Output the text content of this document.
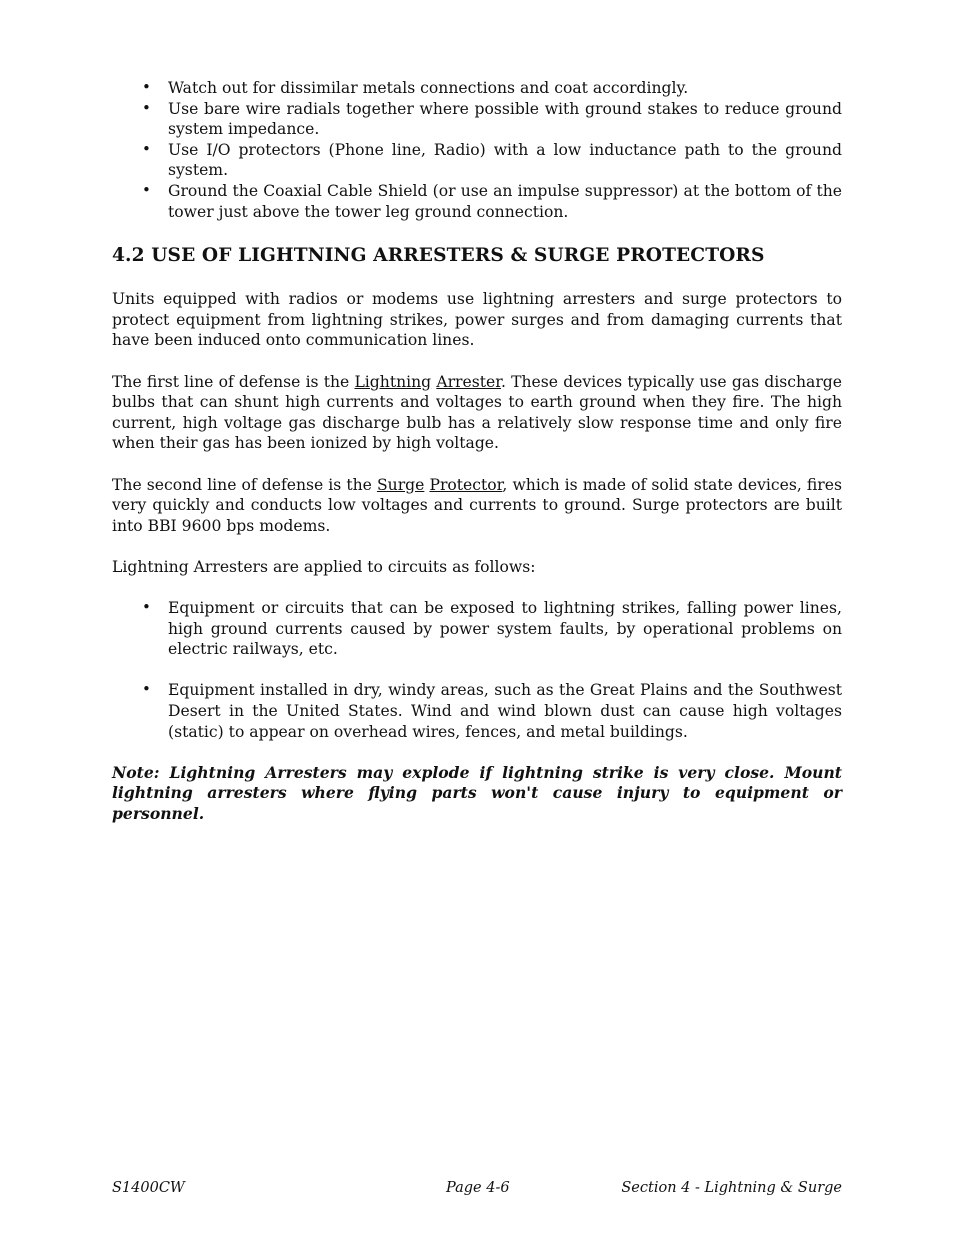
• Watch out for dissimilar metals connections and coat accordingly.
• Use bare wire radials together where possible with ground stakes to reduce ground system impedance.
• Use I/O protectors (Phone line, Radio) with a low inductance path to the ground system.
• Ground the Coaxial Cable Shield (or use an impulse suppressor) at the bottom of the tower just above the tower leg ground connection.
4.2 USE OF LIGHTNING ARRESTERS & SURGE PROTECTORS

Units equipped with radios or modems use lightning arresters and surge protectors to protect equipment from lightning strikes, power surges and from damaging currents that have been induced onto communication lines.

The first line of defense is the Lightning Arrester. These devices typically use gas discharge bulbs that can shunt high currents and voltages to earth ground when they fire. The high current, high voltage gas discharge bulb has a relatively slow response time and only fire when their gas has been ionized by high voltage.

The second line of defense is the Surge Protector, which is made of solid state devices, fires very quickly and conducts low voltages and currents to ground. Surge protectors are built into BBI 9600 bps modems.

Lightning Arresters are applied to circuits as follows:

• Equipment or circuits that can be exposed to lightning strikes, falling power lines, high ground currents caused by power system faults, by operational problems on electric railways, etc.
• Equipment installed in dry, windy areas, such as the Great Plains and the Southwest Desert in the United States. Wind and wind blown dust can cause high voltages (static) to appear on overhead wires, fences, and metal buildings.

Note: Lightning Arresters may explode if lightning strike is very close. Mount lightning arresters where flying parts won't cause injury to equipment or personnel.

S1400CW	Page 4-6	Section 4 - Lightning & Surge
